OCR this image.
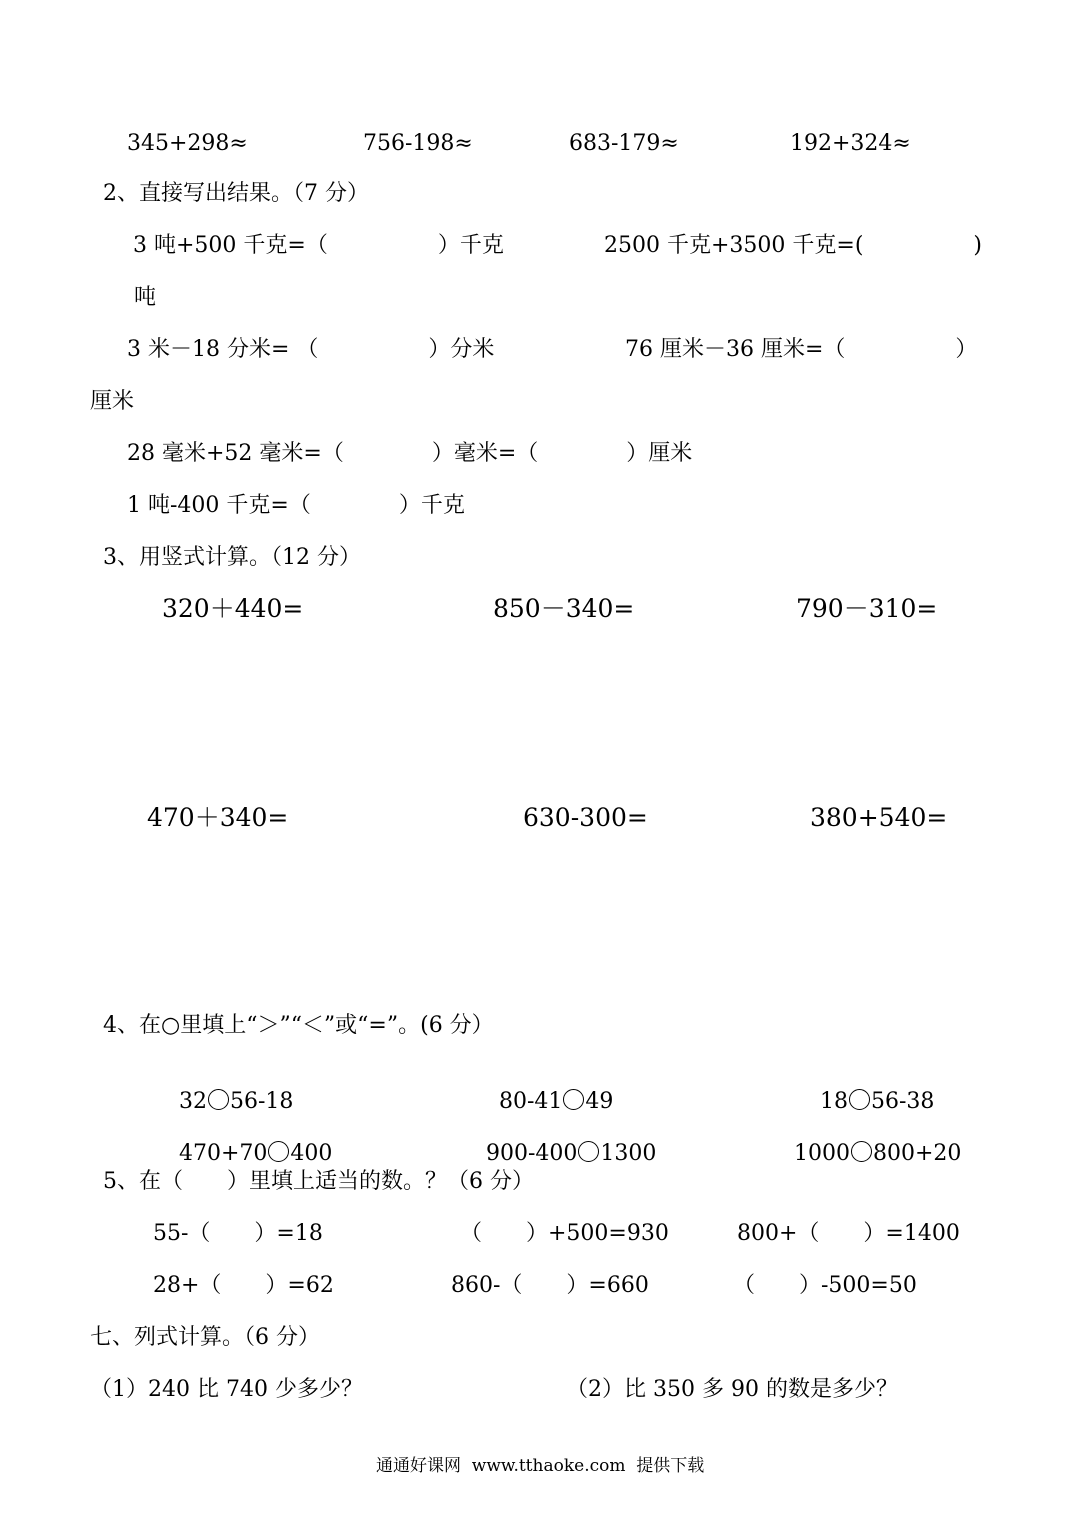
345+298≈	756-198≈	683-179≈	192+324≈
2、直接写出结果。（7 分）
3 吨+500 千克=（　　　　　）千克	2500 千克+3500 千克=(　　　　　)
吨
3 米－18 分米= （　　　　　）分米	76 厘米－36 厘米=（　　　　　）
厘米
28 毫米+52 毫米=（　　　　）毫米=（　　　　）厘米
1 吨-400 千克=（　　　　）千克
3、用竖式计算。（12 分）
320＋440=	850－340=	790－310=
470＋340=	630-300=	380+540=
4、在○里填上“＞”“＜”或“=”。(6 分）

32 56-18	80-41 49	18 56-38

470+70 400	900-400 1300	1000 800+20

5、在（　　）里填上适当的数。？（6 分）
55-（　　）=18	（　　）+500=930	800+（　　）=1400
28+（　　）=62	860-（　　）=660	（　　）-500=50
七、列式计算。（6 分）
（1）240 比 740 少多少？	（2）比 350 多 90 的数是多少？
通通好课网  www.tthaoke.com  提供下载
